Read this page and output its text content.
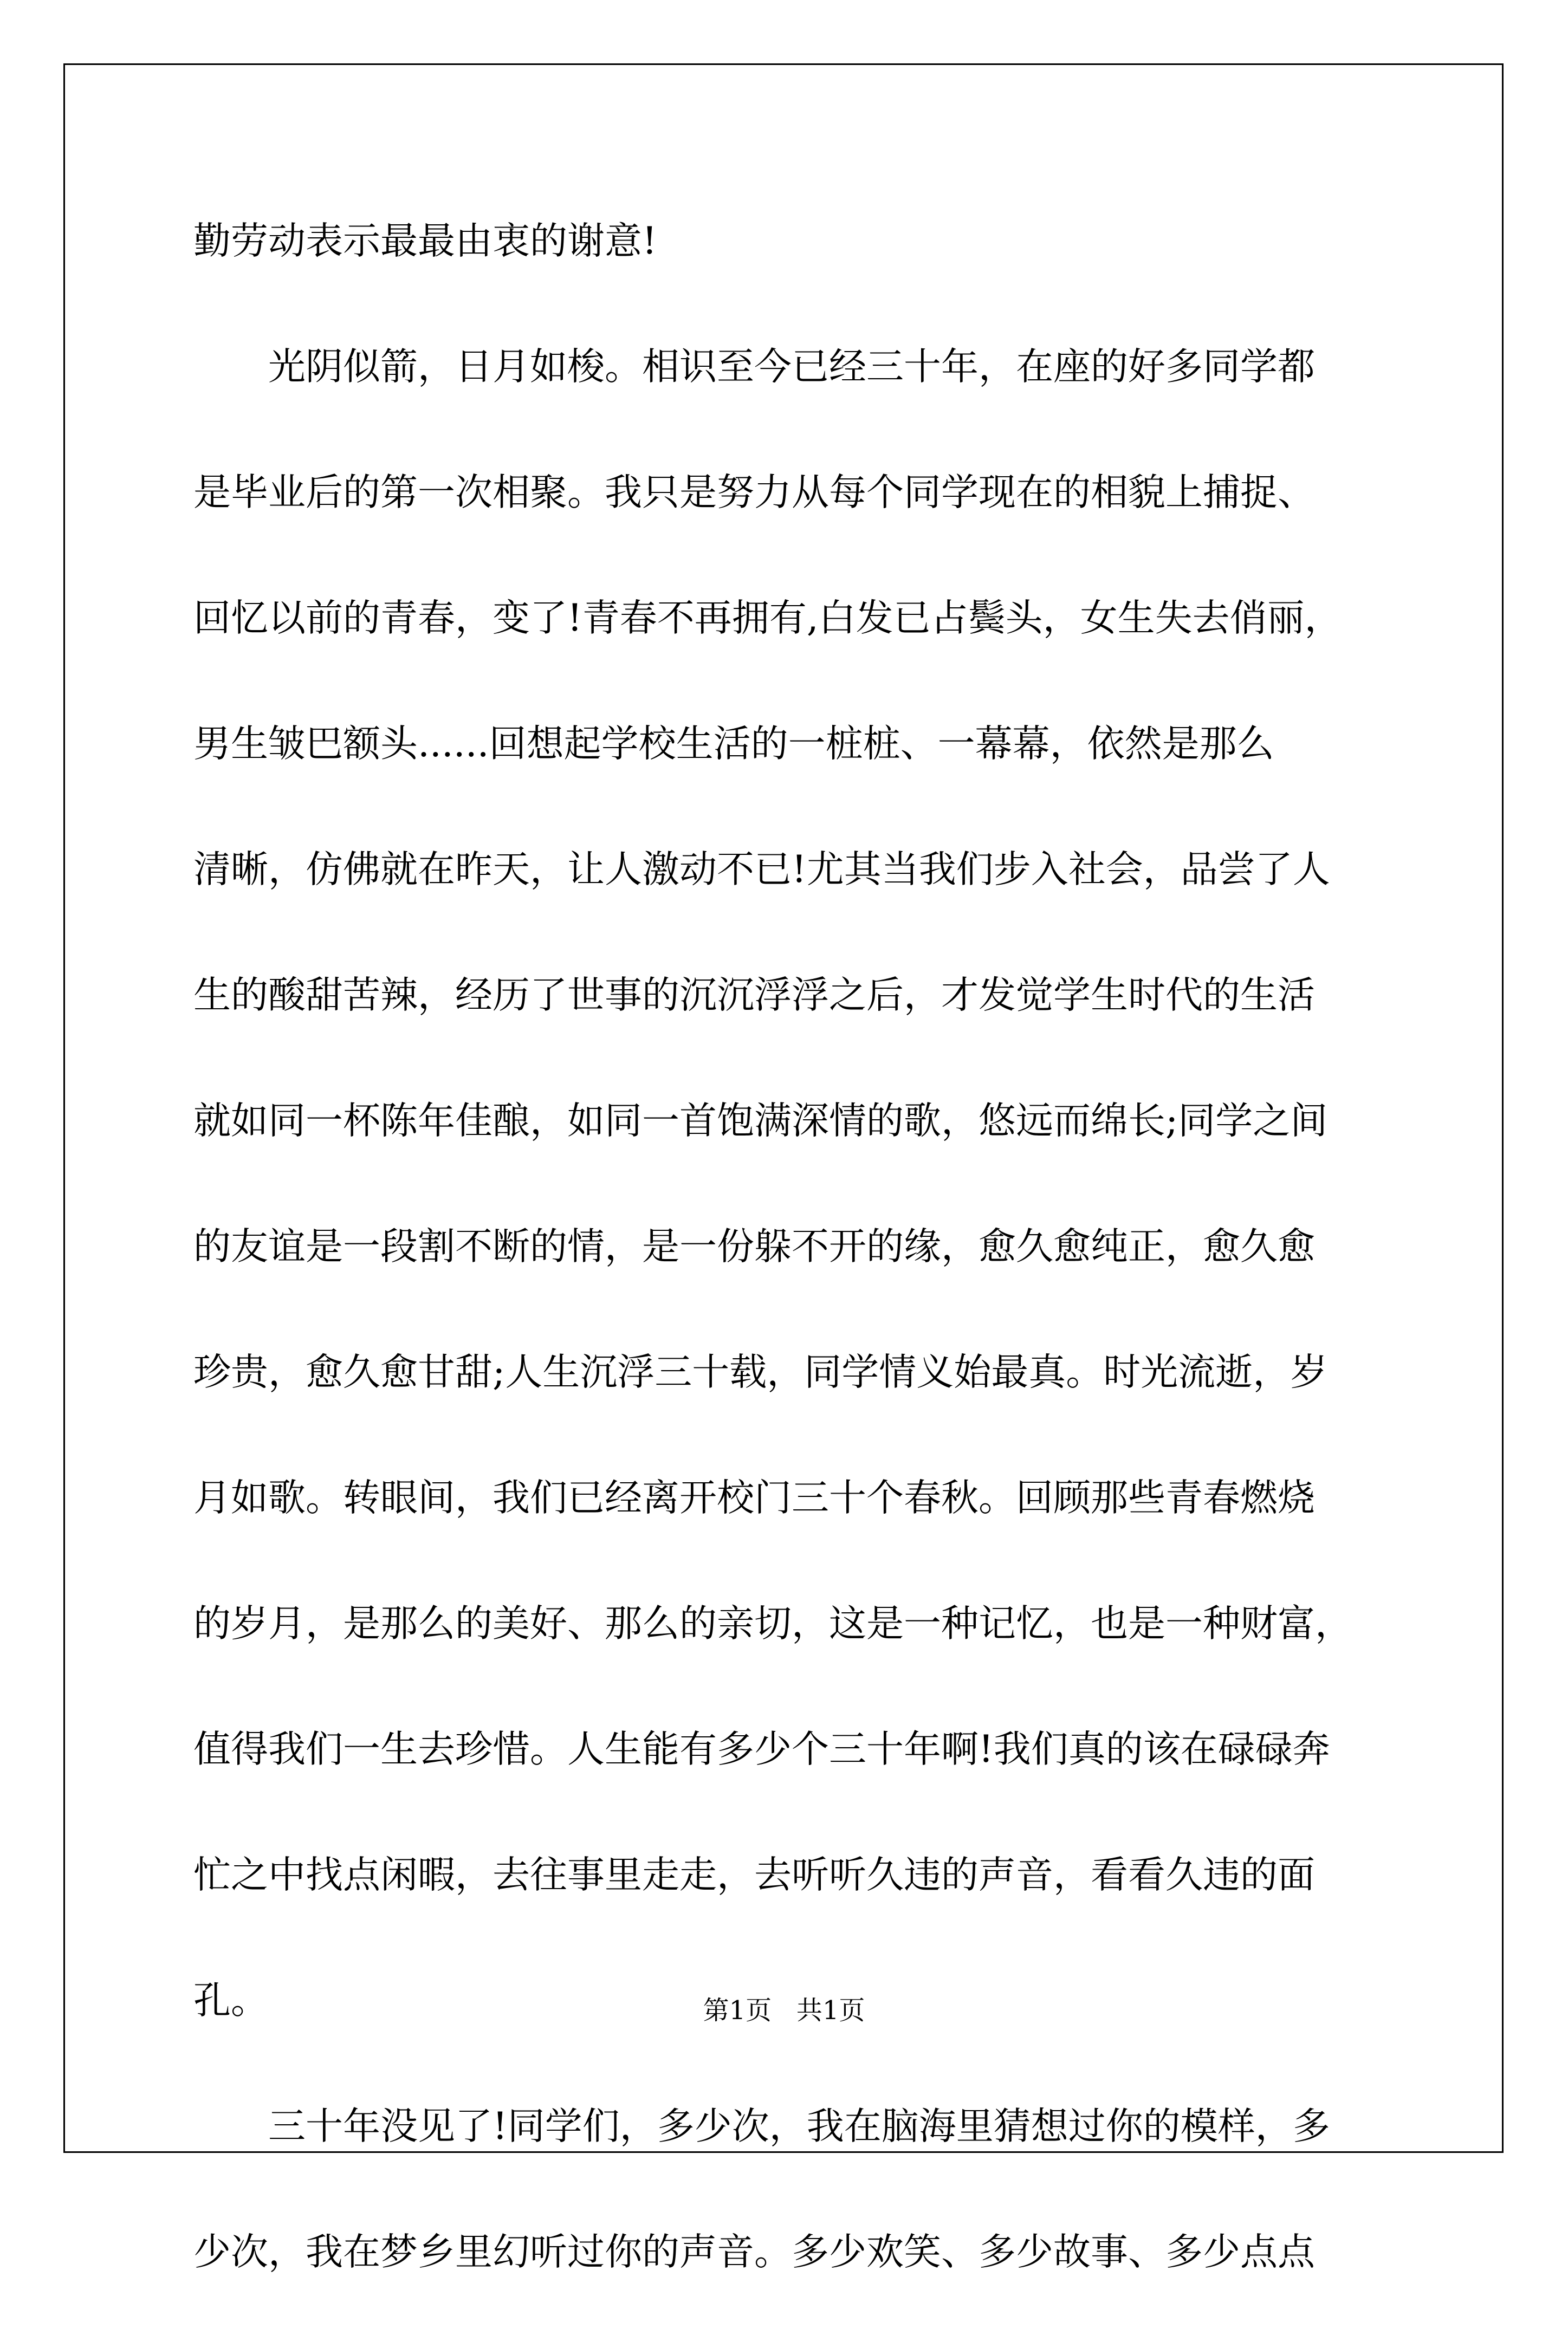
勤劳动表示最最由衷的谢意!
　　光阴似箭，日月如梭。相识至今已经三十年，在座的好多同学都
是毕业后的第一次相聚。我只是努力从每个同学现在的相貌上捕捉、
回忆以前的青春，变了!青春不再拥有,白发已占鬓头，女生失去俏丽，
男生皱巴额头......回想起学校生活的一桩桩、一幕幕，依然是那么
清晰，仿佛就在昨天，让人激动不已!尤其当我们步入社会，品尝了人
生的酸甜苦辣，经历了世事的沉沉浮浮之后，才发觉学生时代的生活
就如同一杯陈年佳酿，如同一首饱满深情的歌，悠远而绵长;同学之间
的友谊是一段割不断的情，是一份躲不开的缘，愈久愈纯正，愈久愈
珍贵，愈久愈甘甜;人生沉浮三十载，同学情义始最真。时光流逝，岁
月如歌。转眼间，我们已经离开校门三十个春秋。回顾那些青春燃烧
的岁月，是那么的美好、那么的亲切，这是一种记忆，也是一种财富，
值得我们一生去珍惜。人生能有多少个三十年啊!我们真的该在碌碌奔
忙之中找点闲暇，去往事里走走，去听听久违的声音，看看久违的面
孔。
　　三十年没见了!同学们，多少次，我在脑海里猜想过你的模样，多
少次，我在梦乡里幻听过你的声音。多少欢笑、多少故事、多少点点
第1页 共1页
